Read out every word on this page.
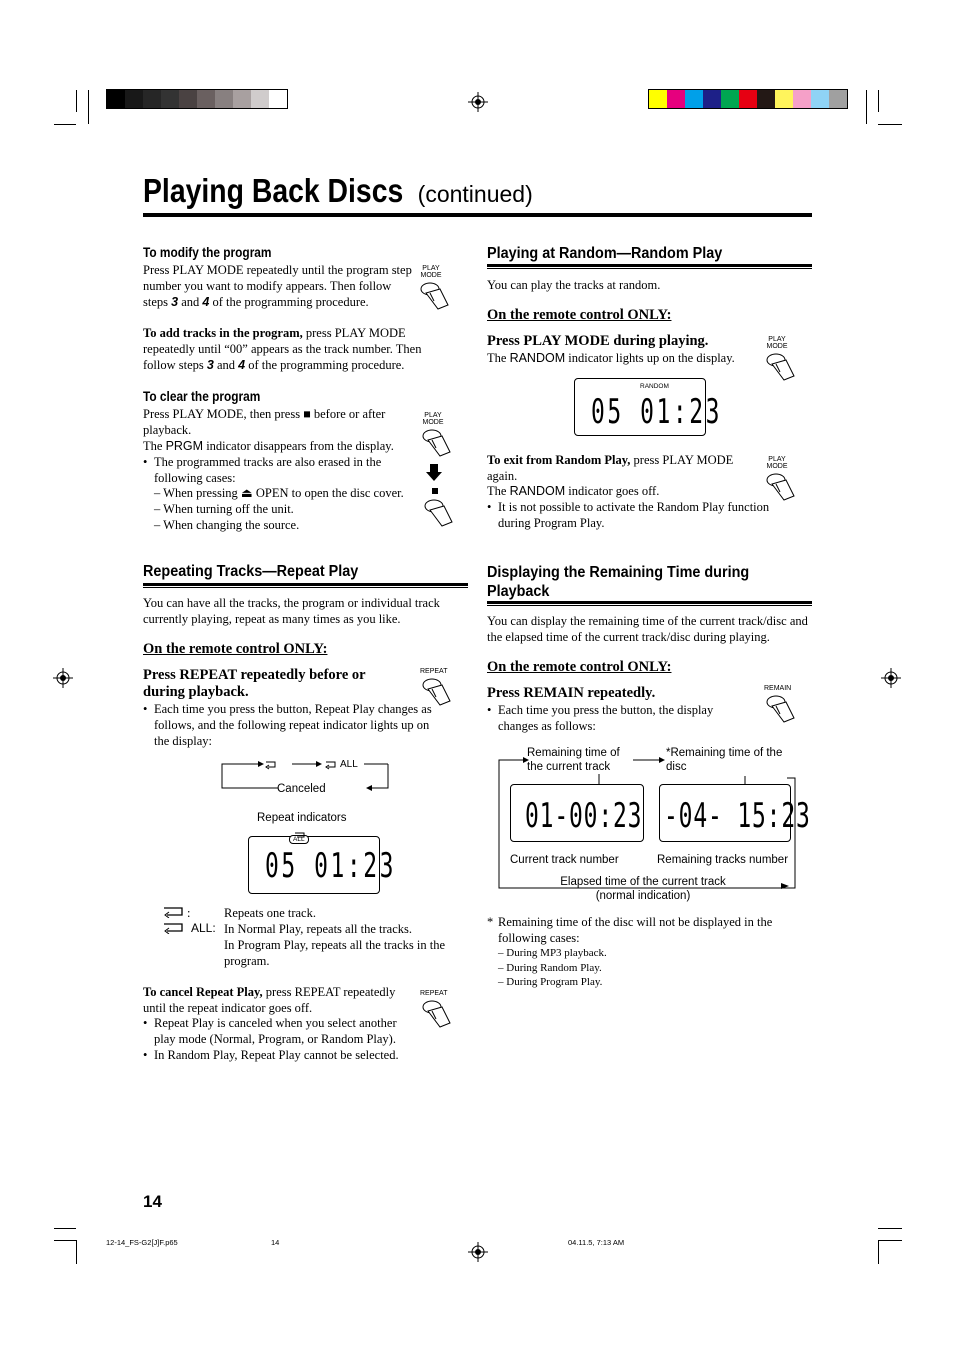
Playing Back Discs (continued)
To modify the program
Press PLAY MODE repeatedly until the program step number you want to modify appears. Then follow steps 3 and 4 of the programming procedure.
To add tracks in the program, press PLAY MODE repeatedly until “00” appears as the track number. Then follow steps 3 and 4 of the programming procedure.
PLAY MODE
To clear the program
Press PLAY MODE, then press ■ before or after playback.
The PRGM indicator disappears from the display.
• The programmed tracks are also erased in the following cases:
– When pressing ⏏ OPEN to open the disc cover.
– When turning off the unit.
– When changing the source.
PLAY MODE
Repeating Tracks—Repeat Play
You can have all the tracks, the program or individual track currently playing, repeat as many times as you like.
On the remote control ONLY:
Press REPEAT repeatedly before or during playback.
REPEAT
• Each time you press the button, Repeat Play changes as follows, and the following repeat indicator lights up on the display:
ALL
Canceled
Repeat indicators
ALL
05 01:23
:	Repeats one track.
ALL: In Normal Play, repeats all the tracks.
In Program Play, repeats all the tracks in the program.
To cancel Repeat Play, press REPEAT repeatedly until the repeat indicator goes off.
REPEAT
• Repeat Play is canceled when you select another play mode (Normal, Program, or Random Play).
• In Random Play, Repeat Play cannot be selected.
Playing at Random—Random Play
You can play the tracks at random.
On the remote control ONLY:
Press PLAY MODE during playing.
The RANDOM indicator lights up on the display.
PLAY MODE
RANDOM
05 01:23
To exit from Random Play, press PLAY MODE again.
The RANDOM indicator goes off.
PLAY MODE
• It is not possible to activate the Random Play function during Program Play.
Displaying the Remaining Time during
Playback
You can display the remaining time of the current track/disc and the elapsed time of the current track/disc during playing.
On the remote control ONLY:
Press REMAIN repeatedly.	REMAIN
• Each time you press the button, the display changes as follows:
Remaining time of the current track
*Remaining time of the disc
01-00:23 -04- 15:23
Current track number	Remaining tracks number
Elapsed time of the current track
(normal indication)
* Remaining time of the disc will not be displayed in the following cases:
– During MP3 playback.
– During Random Play.
– During Program Play.
14
12-14_FS-G2[J]F.p65	14	04.11.5, 7:13 AM
